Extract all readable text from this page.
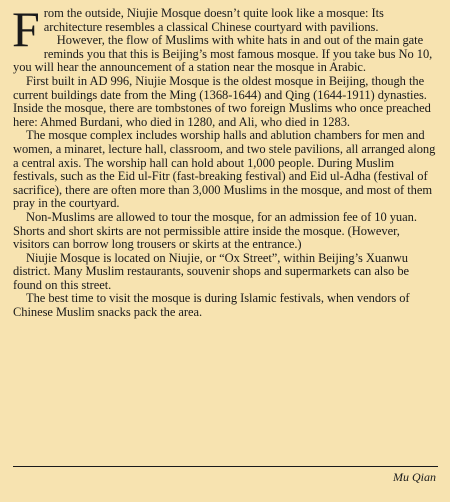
From the outside, Niujie Mosque doesn’t quite look like a mosque: Its architecture resembles a classical Chinese courtyard with pavilions.

However, the flow of Muslims with white hats in and out of the main gate reminds you that this is Beijing’s most famous mosque. If you take bus No 10, you will hear the announcement of a station near the mosque in Arabic.

First built in AD 996, Niujie Mosque is the oldest mosque in Beijing, though the current buildings date from the Ming (1368-1644) and Qing (1644-1911) dynasties. Inside the mosque, there are tombstones of two foreign Muslims who once preached here: Ahmed Burdani, who died in 1280, and Ali, who died in 1283.

The mosque complex includes worship halls and ablution chambers for men and women, a minaret, lecture hall, classroom, and two stele pavilions, all arranged along a central axis. The worship hall can hold about 1,000 people. During Muslim festivals, such as the Eid ul-Fitr (fast-breaking festival) and Eid ul-Adha (festival of sacrifice), there are often more than 3,000 Muslims in the mosque, and most of them pray in the courtyard.

Non-Muslims are allowed to tour the mosque, for an admission fee of 10 yuan. Shorts and short skirts are not permissible attire inside the mosque. (However, visitors can borrow long trousers or skirts at the entrance.)

Niujie Mosque is located on Niujie, or “Ox Street”, within Beijing’s Xuanwu district. Many Muslim restaurants, souvenir shops and supermarkets can also be found on this street.

The best time to visit the mosque is during Islamic festivals, when vendors of Chinese Muslim snacks pack the area.

Mu Qian
